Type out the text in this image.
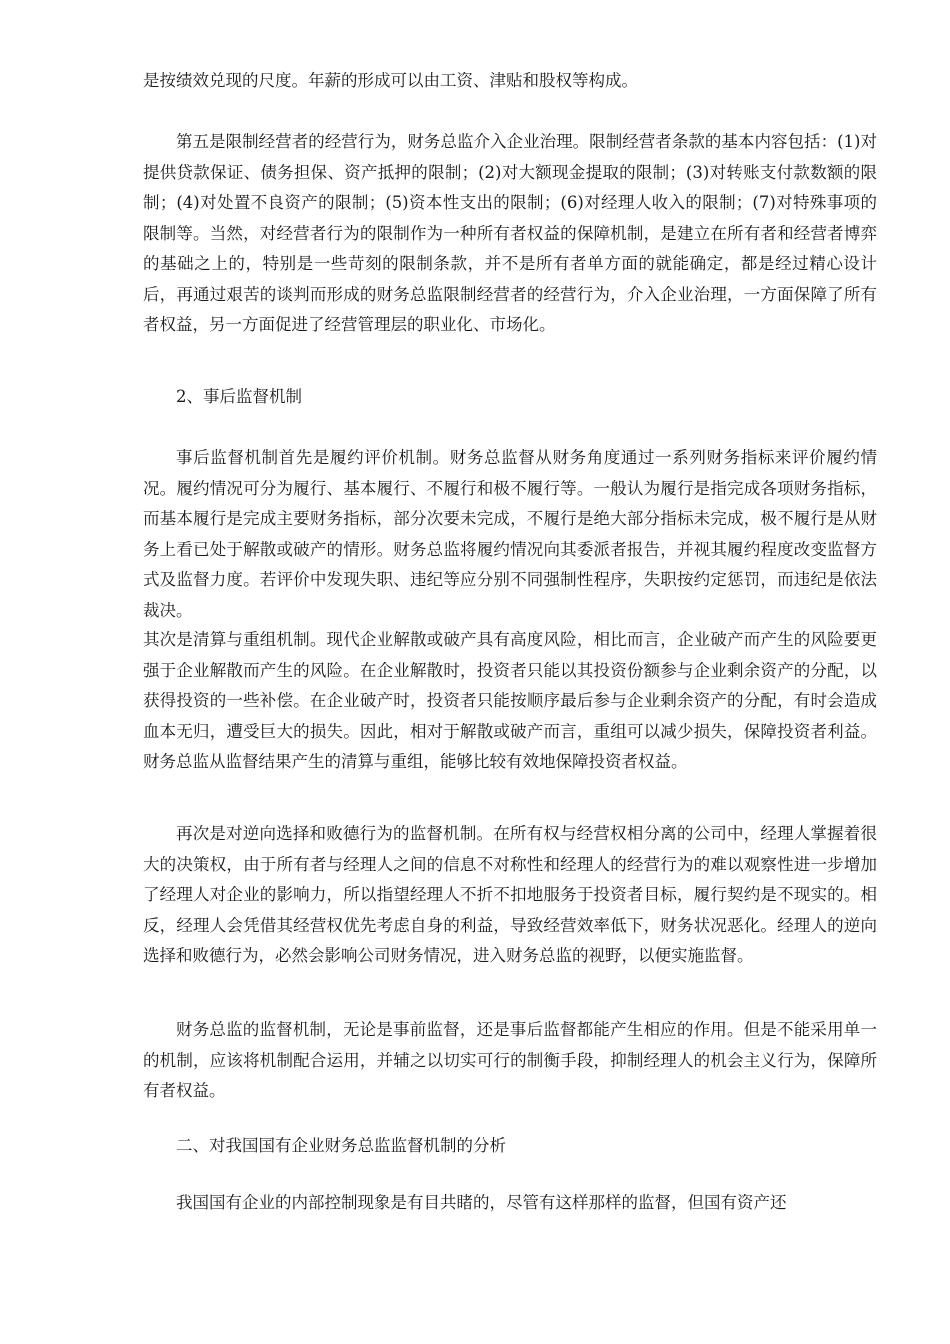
是按绩效兑现的尺度。年薪的形成可以由工资、津贴和股权等构成。

第五是限制经营者的经营行为，财务总监介入企业治理。限制经营者条款的基本内容包括：(1)对提供贷款保证、债务担保、资产抵押的限制；(2)对大额现金提取的限制；(3)对转账支付款数额的限制；(4)对处置不良资产的限制；(5)资本性支出的限制；(6)对经理人收入的限制；(7)对特殊事项的限制等。当然，对经营者行为的限制作为一种所有者权益的保障机制，是建立在所有者和经营者博弈的基础之上的，特别是一些苛刻的限制条款，并不是所有者单方面的就能确定，都是经过精心设计后，再通过艰苦的谈判而形成的财务总监限制经营者的经营行为，介入企业治理，一方面保障了所有者权益，另一方面促进了经营管理层的职业化、市场化。

2、事后监督机制

事后监督机制首先是履约评价机制。财务总监督从财务角度通过一系列财务指标来评价履约情况。履约情况可分为履行、基本履行、不履行和极不履行等。一般认为履行是指完成各项财务指标，而基本履行是完成主要财务指标，部分次要未完成，不履行是绝大部分指标未完成，极不履行是从财务上看已处于解散或破产的情形。财务总监将履约情况向其委派者报告，并视其履约程度改变监督方式及监督力度。若评价中发现失职、违纪等应分别不同强制性程序，失职按约定惩罚，而违纪是依法裁决。

其次是清算与重组机制。现代企业解散或破产具有高度风险，相比而言，企业破产而产生的风险要更强于企业解散而产生的风险。在企业解散时，投资者只能以其投资份额参与企业剩余资产的分配，以获得投资的一些补偿。在企业破产时，投资者只能按顺序最后参与企业剩余资产的分配，有时会造成血本无归，遭受巨大的损失。因此，相对于解散或破产而言，重组可以减少损失，保障投资者利益。财务总监从监督结果产生的清算与重组，能够比较有效地保障投资者权益。

再次是对逆向选择和败德行为的监督机制。在所有权与经营权相分离的公司中，经理人掌握着很大的决策权，由于所有者与经理人之间的信息不对称性和经理人的经营行为的难以观察性进一步增加了经理人对企业的影响力，所以指望经理人不折不扣地服务于投资者目标，履行契约是不现实的。相反，经理人会凭借其经营权优先考虑自身的利益，导致经营效率低下，财务状况恶化。经理人的逆向选择和败德行为，必然会影响公司财务情况，进入财务总监的视野，以便实施监督。

财务总监的监督机制，无论是事前监督，还是事后监督都能产生相应的作用。但是不能采用单一的机制，应该将机制配合运用，并辅之以切实可行的制衡手段，抑制经理人的机会主义行为，保障所有者权益。

二、对我国国有企业财务总监监督机制的分析

我国国有企业的内部控制现象是有目共睹的，尽管有这样那样的监督，但国有资产还
